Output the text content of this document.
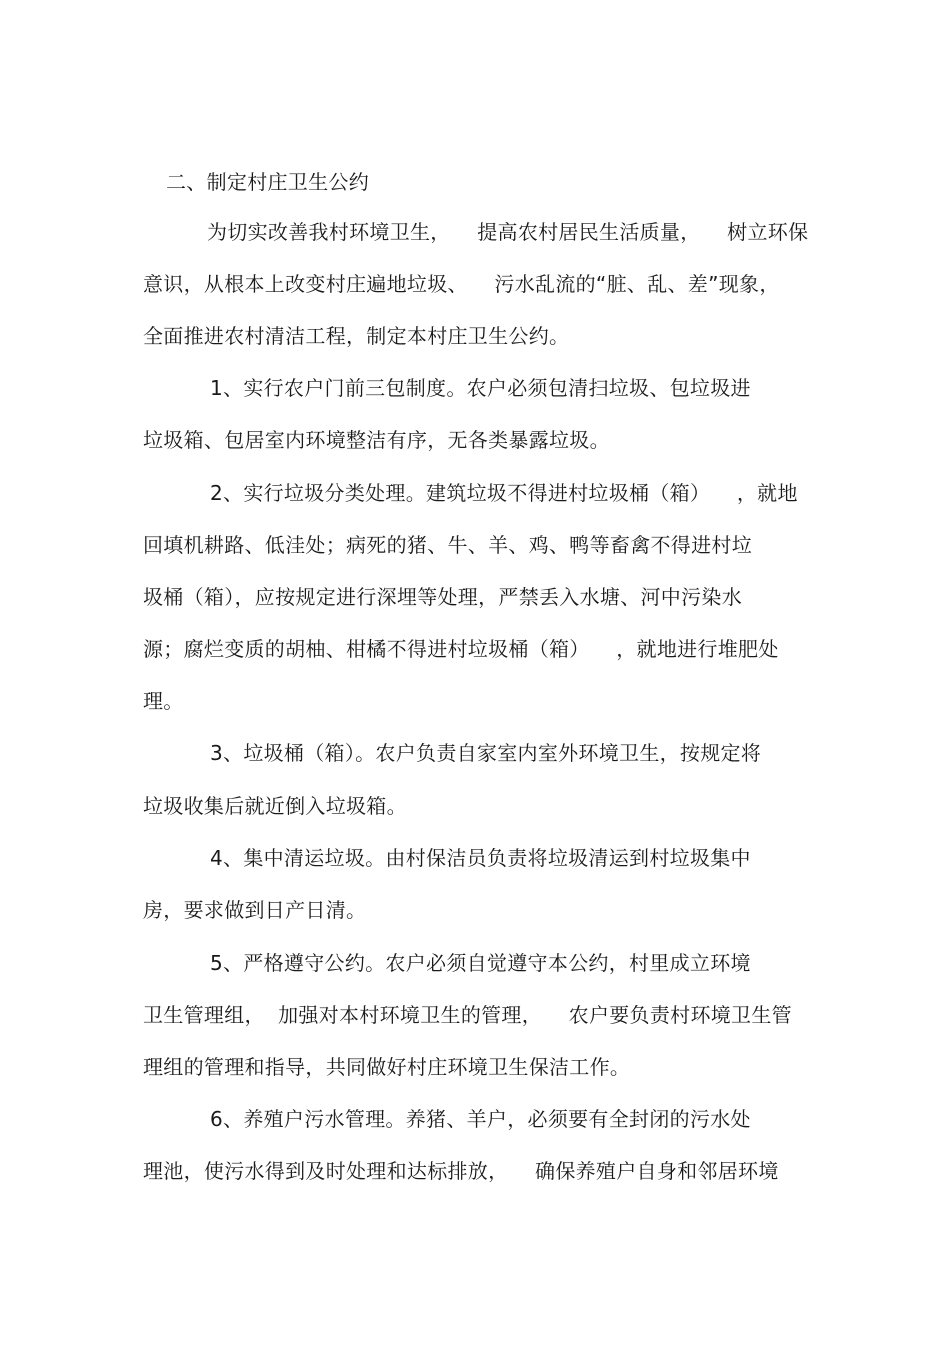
二、制定村庄卫生公约
为切实改善我村环境卫生，    提高农村居民生活质量，    树立环保
意识，从根本上改变村庄遍地垃圾、    污水乱流的“脏、乱、差”现象，
全面推进农村清洁工程，制定本村庄卫生公约。
1、实行农户门前三包制度。农户必须包清扫垃圾、包垃圾进
垃圾箱、包居室内环境整洁有序，无各类暴露垃圾。
2、实行垃圾分类处理。建筑垃圾不得进村垃圾桶（箱）    ，就地
回填机耕路、低洼处；病死的猪、牛、羊、鸡、鸭等畜禽不得进村垃
圾桶（箱），应按规定进行深埋等处理，严禁丢入水塘、河中污染水
源；腐烂变质的胡柚、柑橘不得进村垃圾桶（箱）    ，就地进行堆肥处
理。
3、垃圾桶（箱）。农户负责自家室内室外环境卫生，按规定将
垃圾收集后就近倒入垃圾箱。
4、集中清运垃圾。由村保洁员负责将垃圾清运到村垃圾集中
房，要求做到日产日清。
5、严格遵守公约。农户必须自觉遵守本公约，村里成立环境
卫生管理组，  加强对本村环境卫生的管理，    农户要负责村环境卫生管
理组的管理和指导，共同做好村庄环境卫生保洁工作。
6、养殖户污水管理。养猪、羊户，必须要有全封闭的污水处
理池，使污水得到及时处理和达标排放，    确保养殖户自身和邻居环境
